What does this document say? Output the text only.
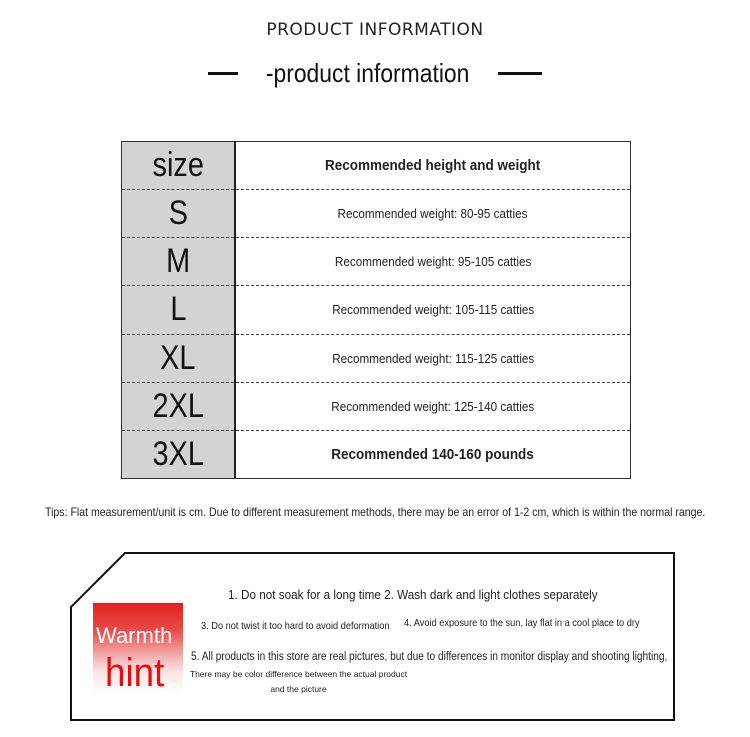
PRODUCT INFORMATION
-product information
size	Recommended height and weight
S	Recommended weight: 80-95 catties
M	Recommended weight: 95-105 catties
L	Recommended weight: 105-115 catties
XL	Recommended weight: 115-125 catties
2XL	Recommended weight: 125-140 catties
3XL	Recommended 140-160 pounds
Tips: Flat measurement/unit is cm. Due to different measurement methods, there may be an error of 1-2 cm, which is within the normal range.
Warmth
hint
1. Do not soak for a long time 2. Wash dark and light clothes separately
3. Do not twist it too hard to avoid deformation	4. Avoid exposure to the sun, lay flat in a cool place to dry
5. All products in this store are real pictures, but due to differences in monitor display and shooting lighting,
There may be color difference between the actual product and the picture
